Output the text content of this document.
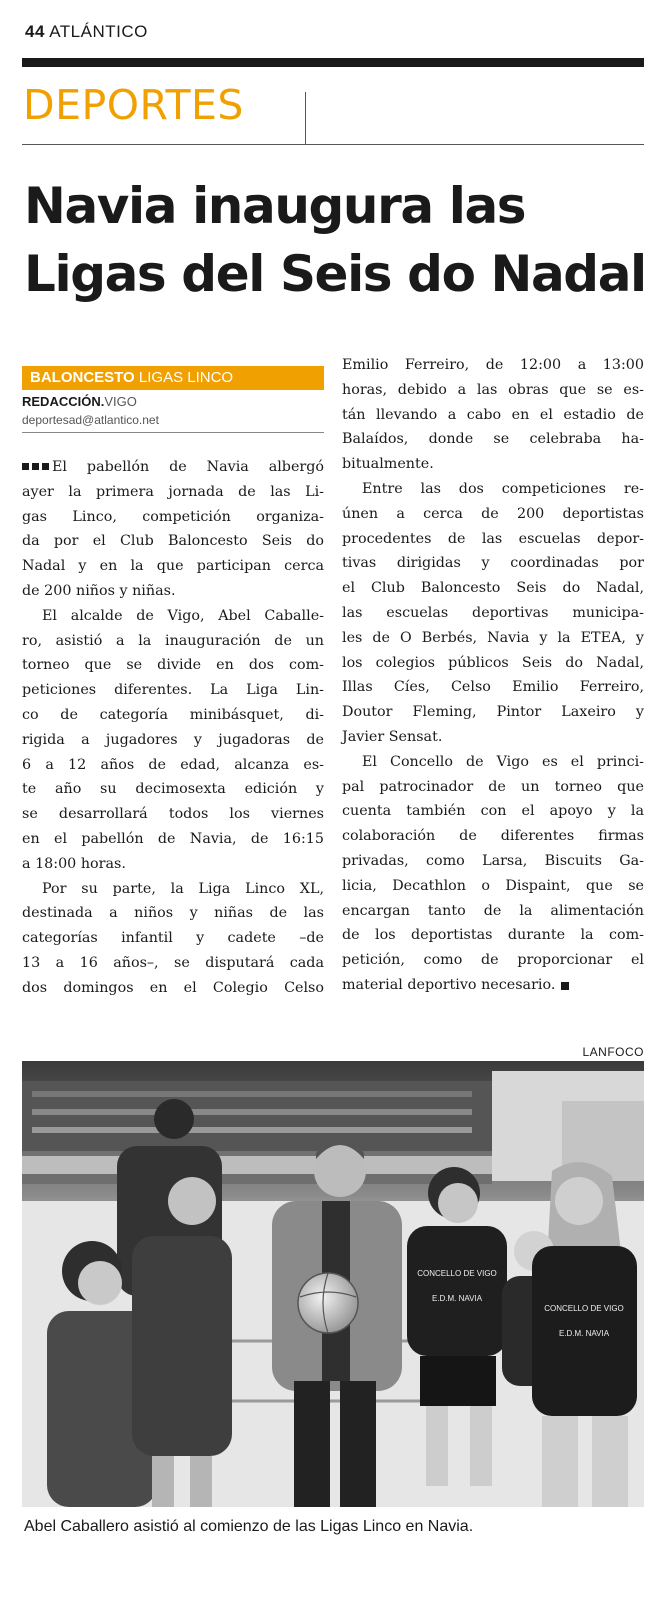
44 ATLÁNTICO
DEPORTES
Navia inaugura las
Ligas del Seis do Nadal
BALONCESTO LIGAS LINCO
REDACCIÓN.VIGO
deportesad@atlantico.net

El pabellón de Navia albergó
ayer la primera jornada de las Li-
gas Linco, competición organiza-
da por el Club Baloncesto Seis do
Nadal y en la que participan cerca
de 200 niños y niñas.

El alcalde de Vigo, Abel Caballe-
ro, asistió a la inauguración de un
torneo que se divide en dos com-
peticiones diferentes. La Liga Lin-
co de categoría minibásquet, di-
rigida a jugadores y jugadoras de
6 a 12 años de edad, alcanza es-
te año su decimosexta edición y
se desarrollará todos los viernes
en el pabellón de Navia, de 16:15
a 18:00 horas.

Por su parte, la Liga Linco XL,
destinada a niños y niñas de las
categorías infantil y cadete –de
13 a 16 años–, se disputará cada
dos domingos en el Colegio Celso

Emilio Ferreiro, de 12:00 a 13:00
horas, debido a las obras que se es-
tán llevando a cabo en el estadio de
Balaídos, donde se celebraba ha-
bitualmente.

Entre las dos competiciones re-
únen a cerca de 200 deportistas
procedentes de las escuelas depor-
tivas dirigidas y coordinadas por
el Club Baloncesto Seis do Nadal,
las escuelas deportivas municipa-
les de O Berbés, Navia y la ETEA, y
los colegios públicos Seis do Nadal,
Illas Cíes, Celso Emilio Ferreiro,
Doutor Fleming, Pintor Laxeiro y
Javier Sensat.

El Concello de Vigo es el princi-
pal patrocinador de un torneo que
cuenta también con el apoyo y la
colaboración de diferentes firmas
privadas, como Larsa, Biscuits Ga-
licia, Decathlon o Dispaint, que se
encargan tanto de la alimentación
de los deportistas durante la com-
petición, como de proporcionar el
material deportivo necesario.

LANFOCO
CONCELLO DE VIGO
E.D.M. NAVIA
CONCELLO DE VIGO
E.D.M. NAVIA
Abel Caballero asistió al comienzo de las Ligas Linco en Navia.
